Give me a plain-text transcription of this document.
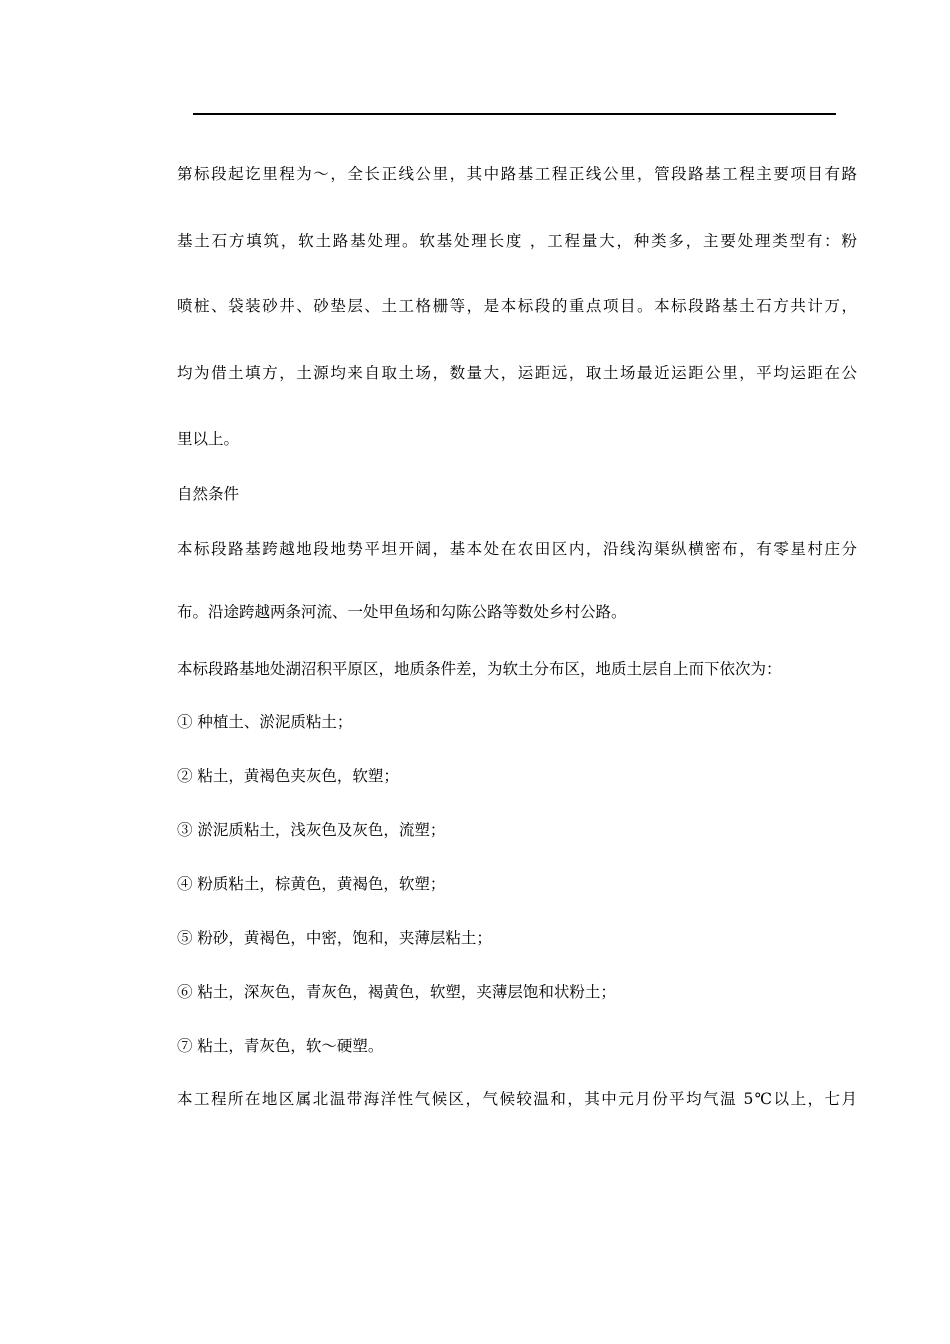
第标段起讫里程为～，全长正线公里，其中路基工程正线公里，管段路基工程主要项目有路
基土石方填筑，软土路基处理。软基处理长度 ，工程量大，种类多，主要处理类型有：粉
喷桩、袋装砂井、砂垫层、土工格栅等，是本标段的重点项目。本标段路基土石方共计万，
均为借土填方，土源均来自取土场，数量大，运距远，取土场最近运距公里，平均运距在公
里以上。
自然条件
本标段路基跨越地段地势平坦开阔，基本处在农田区内，沿线沟渠纵横密布，有零星村庄分
布。沿途跨越两条河流、一处甲鱼场和勾陈公路等数处乡村公路。
本标段路基地处湖沼积平原区，地质条件差，为软土分布区，地质土层自上而下依次为：
① 种植土、淤泥质粘土；
② 粘土，黄褐色夹灰色，软塑；
③ 淤泥质粘土，浅灰色及灰色，流塑；
④ 粉质粘土，棕黄色，黄褐色，软塑；
⑤ 粉砂，黄褐色，中密，饱和，夹薄层粘土；
⑥ 粘土，深灰色，青灰色，褐黄色，软塑，夹薄层饱和状粉土；
⑦ 粘土，青灰色，软～硬塑。
本工程所在地区属北温带海洋性气候区，气候较温和，其中元月份平均气温 5℃以上，七月
